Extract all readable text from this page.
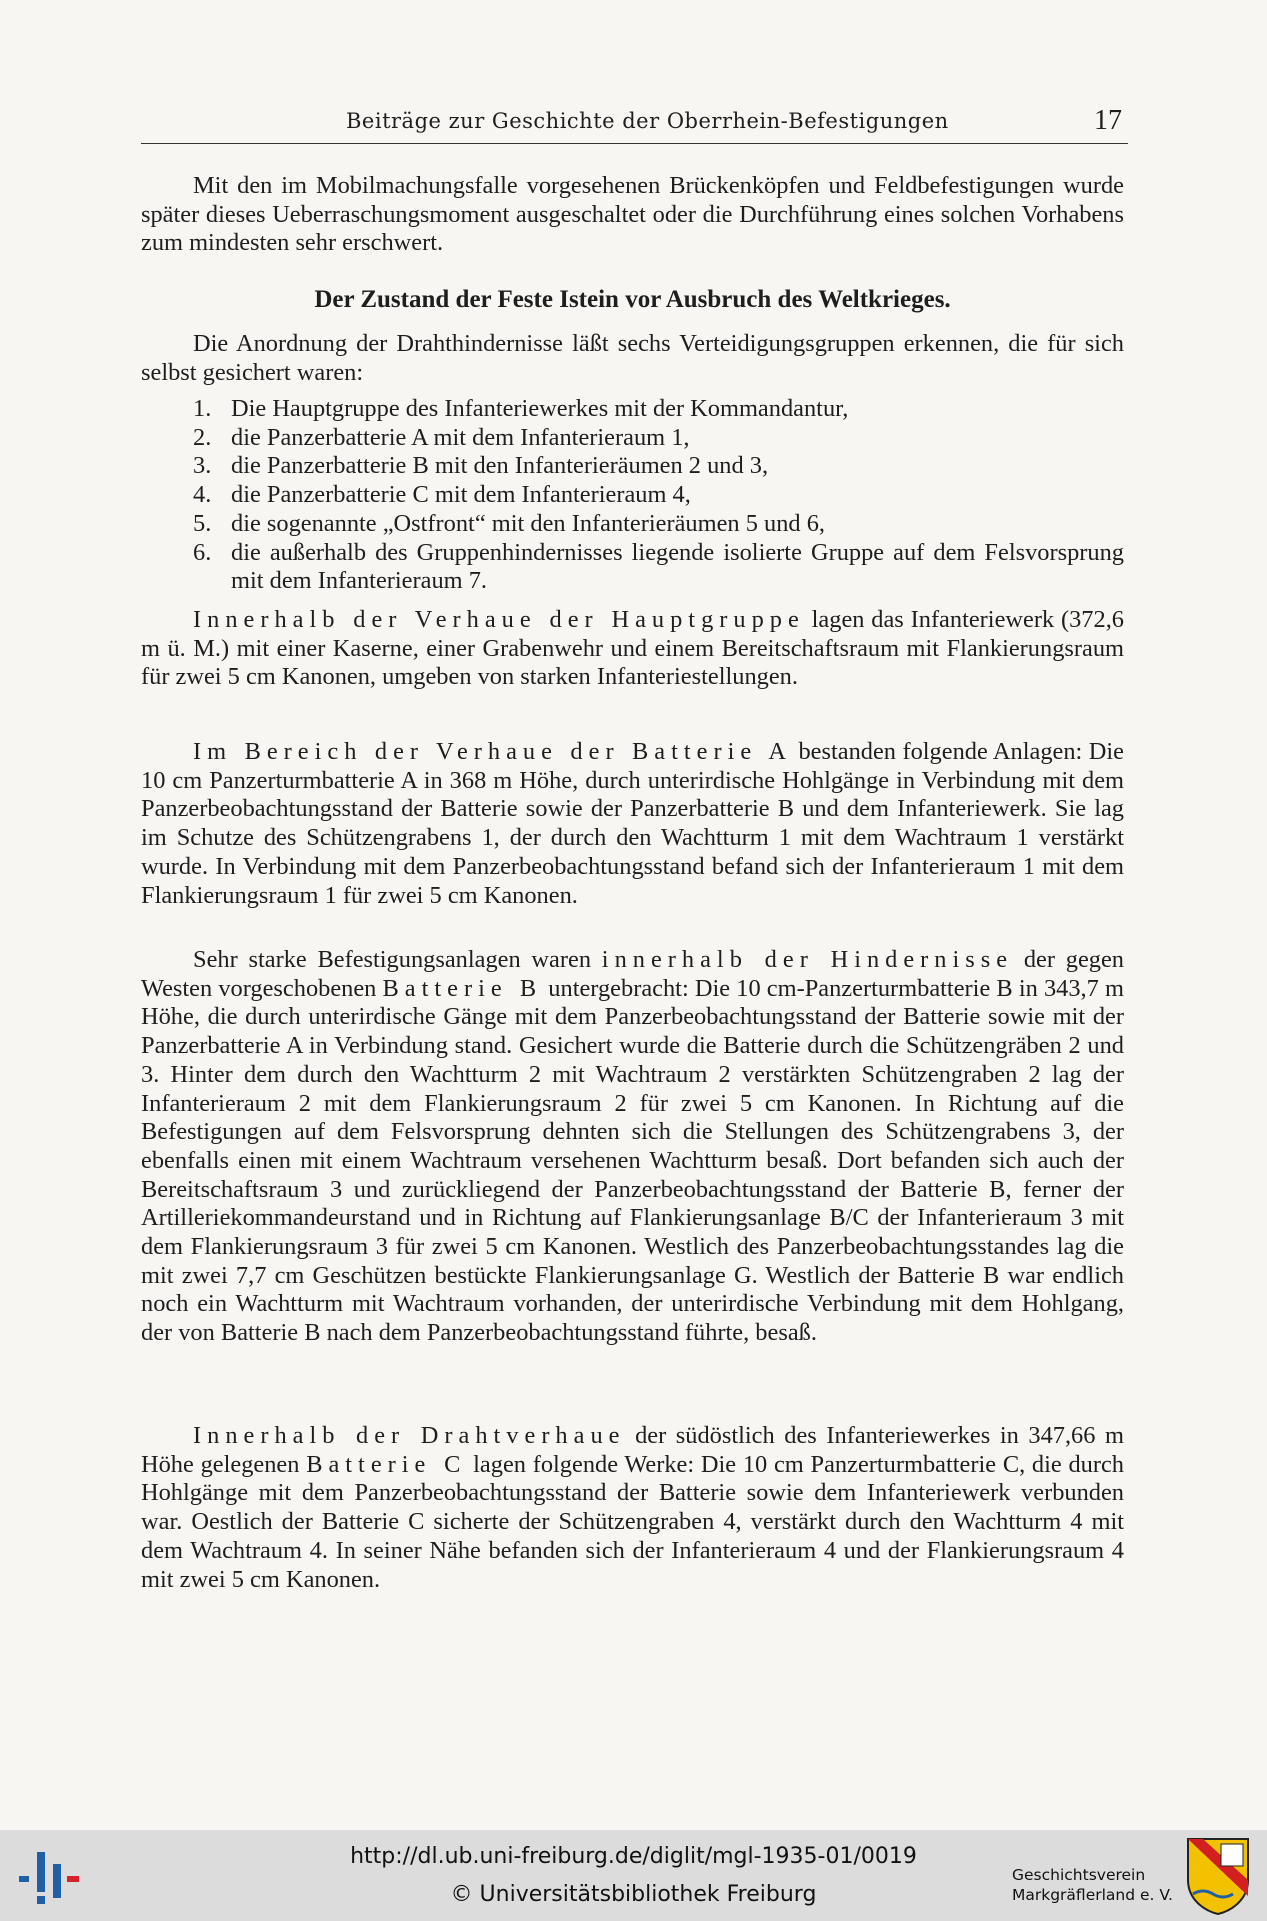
Beiträge zur Geschichte der Oberrhein-Befestigungen	17

Mit den im Mobilmachungsfalle vorgesehenen Brückenköpfen und Feldbefestigungen wurde später dieses Ueberraschungsmoment ausgeschaltet oder die Durchführung eines solchen Vorhabens zum mindesten sehr erschwert.

Der Zustand der Feste Istein vor Ausbruch des Weltkrieges.

Die Anordnung der Drahthindernisse läßt sechs Verteidigungsgruppen erkennen, die für sich selbst gesichert waren:

1. Die Hauptgruppe des Infanteriewerkes mit der Kommandantur,
2. die Panzerbatterie A mit dem Infanterieraum 1,
3. die Panzerbatterie B mit den Infanterieräumen 2 und 3,
4. die Panzerbatterie C mit dem Infanterieraum 4,
5. die sogenannte „Ostfront“ mit den Infanterieräumen 5 und 6,
6. die außerhalb des Gruppenhindernisses liegende isolierte Gruppe auf dem Felsvorsprung mit dem Infanterieraum 7.

Innerhalb der Verhaue der Hauptgruppe lagen das Infanteriewerk (372,6 m ü. M.) mit einer Kaserne, einer Grabenwehr und einem Bereitschaftsraum mit Flankierungsraum für zwei 5 cm Kanonen, umgeben von starken Infanteriestellungen.

Im Bereich der Verhaue der Batterie A bestanden folgende Anlagen: Die 10 cm Panzerturmbatterie A in 368 m Höhe, durch unterirdische Hohlgänge in Verbindung mit dem Panzerbeobachtungsstand der Batterie sowie der Panzerbatterie B und dem Infanteriewerk. Sie lag im Schutze des Schützengrabens 1, der durch den Wachtturm 1 mit dem Wachtraum 1 verstärkt wurde. In Verbindung mit dem Panzerbeobachtungsstand befand sich der Infanterieraum 1 mit dem Flankierungsraum 1 für zwei 5 cm Kanonen.

Sehr starke Befestigungsanlagen waren innerhalb der Hindernisse der gegen Westen vorgeschobenen Batterie B untergebracht: Die 10 cm-Panzerturmbatterie B in 343,7 m Höhe, die durch unterirdische Gänge mit dem Panzerbeobachtungsstand der Batterie sowie mit der Panzerbatterie A in Verbindung stand. Gesichert wurde die Batterie durch die Schützengräben 2 und 3. Hinter dem durch den Wachtturm 2 mit Wachtraum 2 verstärkten Schützengraben 2 lag der Infanterieraum 2 mit dem Flankierungsraum 2 für zwei 5 cm Kanonen. In Richtung auf die Befestigungen auf dem Felsvorsprung dehnten sich die Stellungen des Schützengrabens 3, der ebenfalls einen mit einem Wachtraum versehenen Wachtturm besaß. Dort befanden sich auch der Bereitschaftsraum 3 und zurückliegend der Panzerbeobachtungsstand der Batterie B, ferner der Artilleriekommandeurstand und in Richtung auf Flankierungsanlage B/C der Infanterieraum 3 mit dem Flankierungsraum 3 für zwei 5 cm Kanonen. Westlich des Panzerbeobachtungsstandes lag die mit zwei 7,7 cm Geschützen bestückte Flankierungsanlage G. Westlich der Batterie B war endlich noch ein Wachtturm mit Wachtraum vorhanden, der unterirdische Verbindung mit dem Hohlgang, der von Batterie B nach dem Panzerbeobachtungsstand führte, besaß.

Innerhalb der Drahtverhaue der südöstlich des Infanteriewerkes in 347,66 m Höhe gelegenen Batterie C lagen folgende Werke: Die 10 cm Panzerturmbatterie C, die durch Hohlgänge mit dem Panzerbeobachtungsstand der Batterie sowie dem Infanteriewerk verbunden war. Oestlich der Batterie C sicherte der Schützengraben 4, verstärkt durch den Wachtturm 4 mit dem Wachtraum 4. In seiner Nähe befanden sich der Infanterieraum 4 und der Flankierungsraum 4 mit zwei 5 cm Kanonen.

http://dl.ub.uni-freiburg.de/diglit/mgl-1935-01/0019
© Universitätsbibliothek Freiburg
Geschichtsverein
Markgräflerland e. V.
